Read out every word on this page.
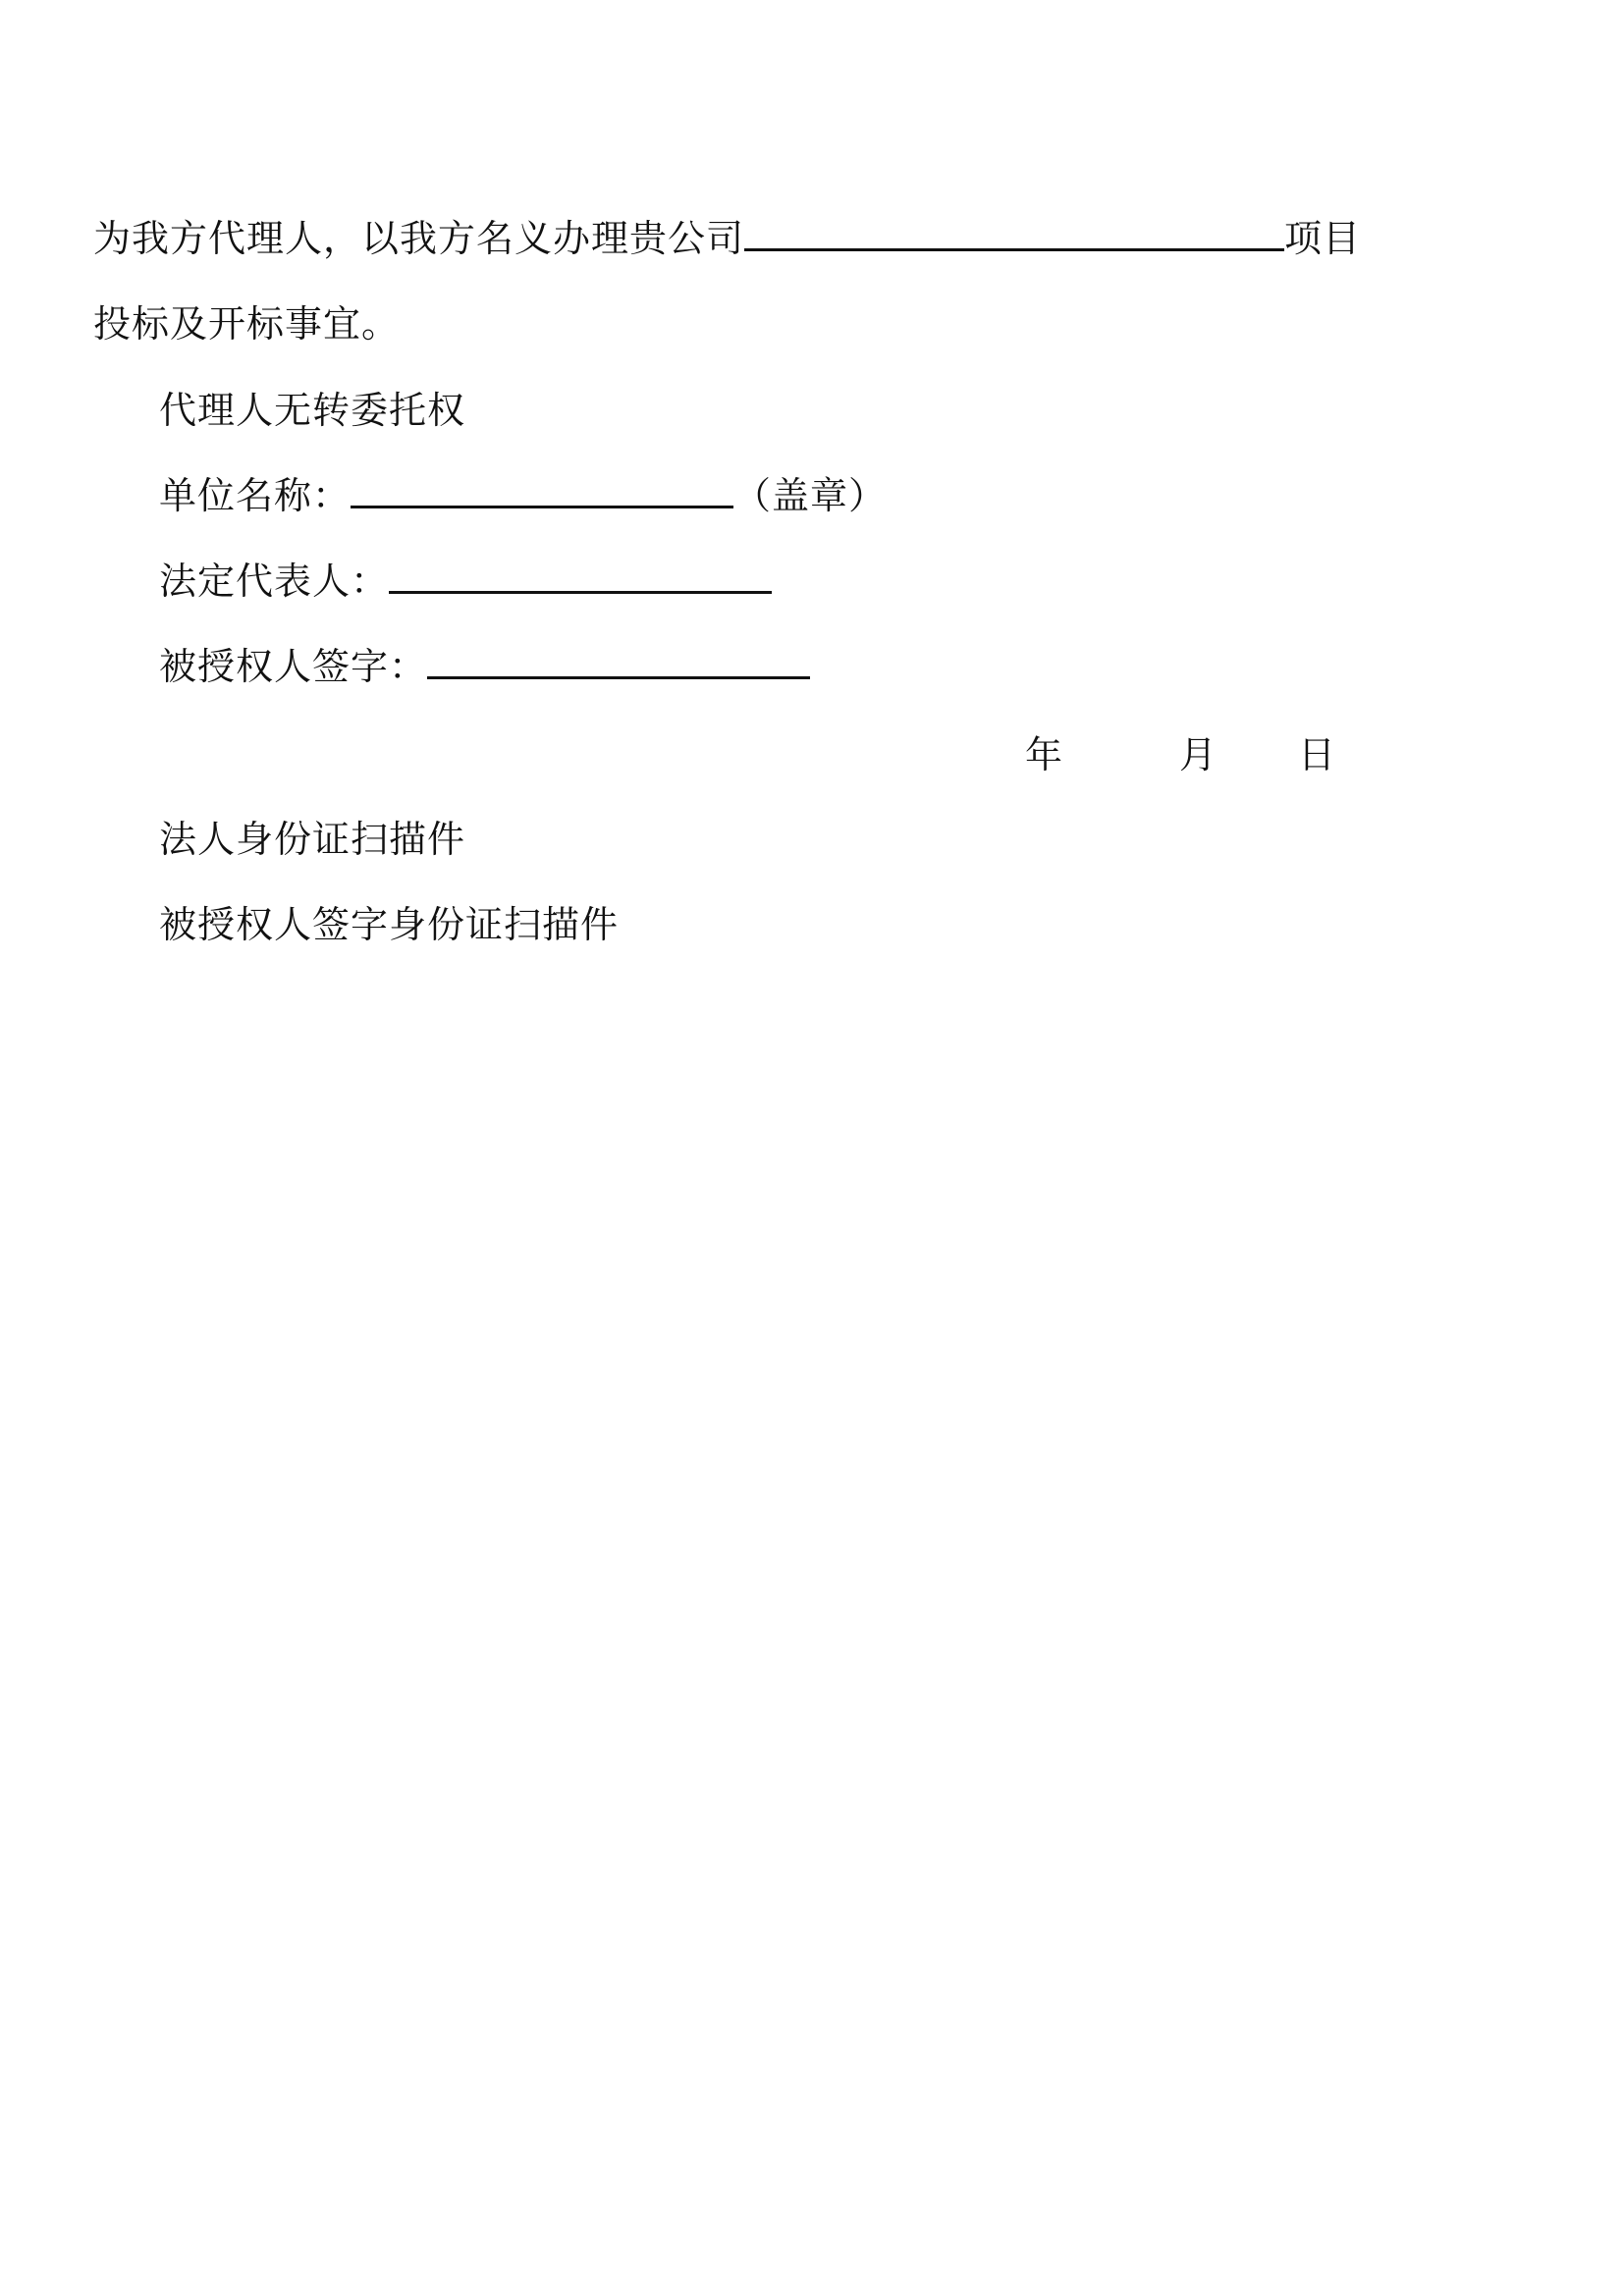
为我方代理人，以我方名义办理贵公司	项目
投标及开标事宜。
代理人无转委托权
单位名称：	（盖章）
法定代表人：
被授权人签字：
年	月 日
法人身份证扫描件
被授权人签字身份证扫描件
